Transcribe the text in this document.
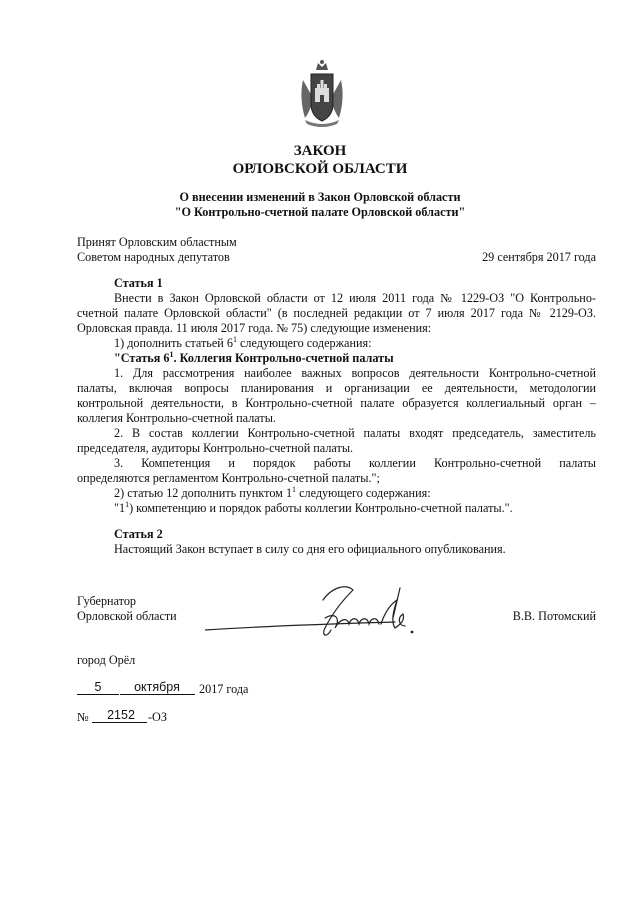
ЗАКОН
ОРЛОВСКОЙ ОБЛАСТИ
О внесении изменений в Закон Орловской области
"О Контрольно-счетной палате Орловской области"
Принят Орловским областным
Советом народных депутатов	29 сентября 2017 года
Статья 1
Внести в Закон Орловской области от 12 июля 2011 года № 1229-ОЗ "О Контрольно-
счетной палате Орловской области" (в последней редакции от 7 июля 2017 года № 2129-ОЗ.
Орловская правда. 11 июля 2017 года. № 75) следующие изменения:
1) дополнить статьей $6^1$ следующего содержания:
"Статья $6^1$. Коллегия Контрольно-счетной палаты
1. Для рассмотрения наиболее важных вопросов деятельности Контрольно-счетной
палаты, включая вопросы планирования и организации ее деятельности, методологии
контрольной деятельности, в Контрольно-счетной палате образуется коллегиальный орган –
коллегия Контрольно-счетной палаты.
2. В состав коллегии Контрольно-счетной палаты входят председатель, заместитель
председателя, аудиторы Контрольно-счетной палаты.
3. Компетенция и порядок работы коллегии Контрольно-счетной палаты
определяются регламентом Контрольно-счетной палаты.";
2) статью 12 дополнить пунктом $1^1$ следующего содержания:
"$1^1$) компетенцию и порядок работы коллегии Контрольно-счетной палаты.".
Статья 2
Настоящий Закон вступает в силу со дня его официального опубликования.
Губернатор
Орловской области	В.В. Потомский
город Орёл
5	октября	2017 года
№	2152	-ОЗ
